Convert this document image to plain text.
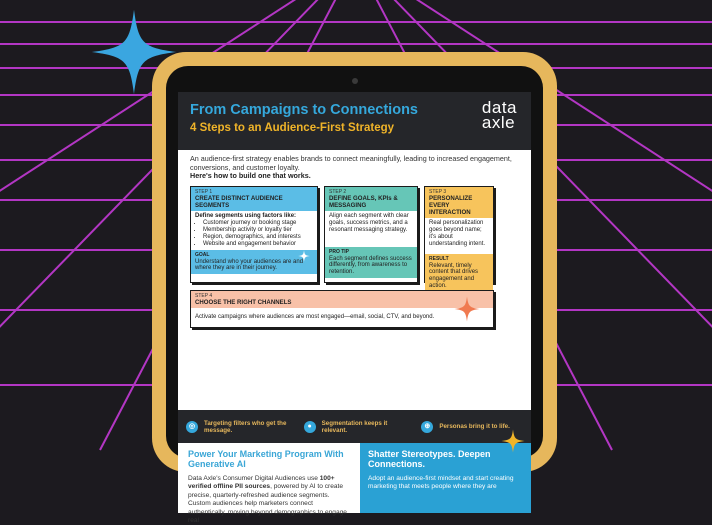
From Campaigns to Connections
4 Steps to an Audience-First Strategy
data
axle
An audience-first strategy enables brands to connect meaningfully, leading to increased engagement, conversions, and customer loyalty.
Here's how to build one that works.
STEP 1
CREATE DISTINCT AUDIENCE SEGMENTS
Define segments using factors like:
• Customer journey or booking stage
• Membership activity or loyalty tier
• Region, demographics, and interests
• Website and engagement behavior
GOAL
Understand who your audiences are and where they are in their journey.
STEP 2
DEFINE GOALS, KPIs & MESSAGING
Align each segment with clear goals, success metrics, and a resonant messaging strategy.
PRO TIP
Each segment defines success differently, from awareness to retention.
STEP 3
PERSONALIZE EVERY INTERACTION
Real personalization goes beyond name; it's about understanding intent.
RESULT
Relevant, timely content that drives engagement and action.
STEP 4
CHOOSE THE RIGHT CHANNELS
Activate campaigns where audiences are most engaged—email, social, CTV, and beyond.
◎	Targeting filters who get the message.	●	Segmentation keeps it relevant.	⊕	Personas bring it to life.
Power Your Marketing Program With Generative AI
Data Axle's Consumer Digital Audiences use 100+ verified offline PII sources, powered by AI to create precise, quarterly-refreshed audience segments. Custom audiences help marketers connect authentically, moving beyond demographics to engage real
Shatter Stereotypes. Deepen Connections.
Adopt an audience-first mindset and start creating marketing that meets people where they are
